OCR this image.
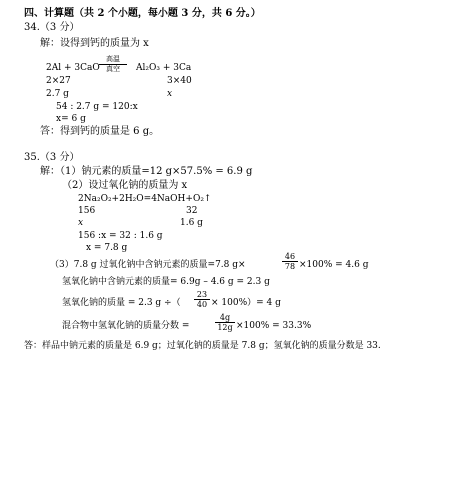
四、计算题（共 2 个小题，每小题 3 分，共 6 分。）
34.（3 分）
解：设得到钙的质量为 x
2Al + 3CaO
高温
真空	Al₂O₃ + 3Ca
2×27	3×40
2.7 g	x
54 : 2.7 g = 120:x
x= 6 g
答：得到钙的质量是 6 g。
35.（3 分）
解：（1）钠元素的质量=12 g×57.5% = 6.9 g
（2）设过氧化钠的质量为 x
2Na₂O₂+2H₂O=4NaOH+O₂↑
156	32
x	1.6 g
156 :x = 32 : 1.6 g
x = 7.8 g
（3）7.8 g 过氧化钠中含钠元素的质量=7.8 g×	$\frac{46}{78} \times 100\% = 4.6$ g
氢氧化钠中含钠元素的质量= 6.9g – 4.6 g = 2.3 g
氢氧化钠的质量 = 2.3 g ÷（ $\frac{23}{40} \times 100\%)= 4$ g
混合物中氢氧化钠的质量分数 =	$\frac{4g}{12g} \times 100\% = 33.3\%$
答：样品中钠元素的质量是 6.9 g；过氧化钠的质量是 7.8 g；氢氧化钠的质量分数是 33.
